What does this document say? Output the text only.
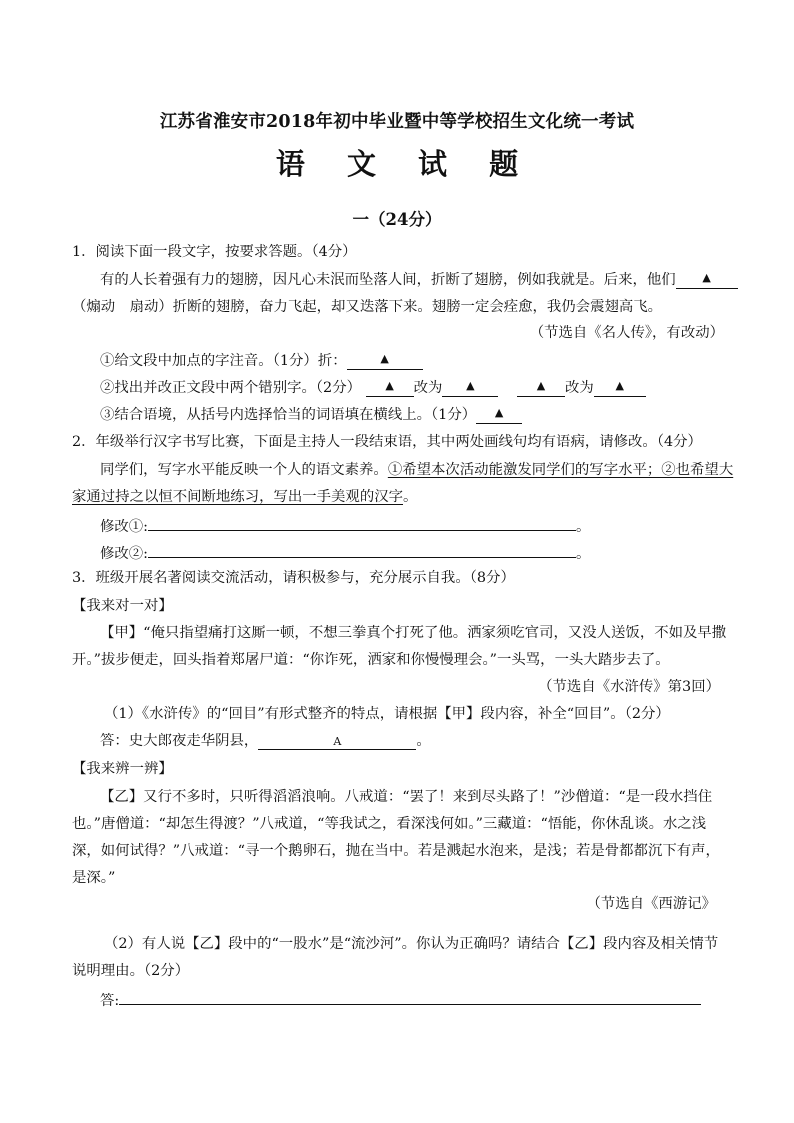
江苏省淮安市2018年初中毕业暨中等学校招生文化统一考试
语 文 试 题
一（24分）
1．阅读下面一段文字，按要求答题。（4分）
有的人长着强有力的翅膀，因凡心未泯而坠落人间，折断了翅膀，例如我就是。后来，他们 ▲
（煽动　扇动）折断的翅膀，奋力飞起，却又迭落下来。翅膀一定会痊愈，我仍会震翅高飞。
（节选自《名人传》，有改动）
①给文段中加点的字注音。（1分）折：	▲
②找出并改正文段中两个错别字。（2分） ▲ 改为 ▲	▲ 改为 ▲
③结合语境，从括号内选择恰当的词语填在横线上。（1分） ▲
2．年级举行汉字书写比赛，下面是主持人一段结束语，其中两处画线句均有语病，请修改。（4分）
同学们，写字水平能反映一个人的语文素养。①希望本次活动能激发同学们的写字水平；②也希望大
家通过持之以恒不间断地练习，写出一手美观的汉字。
修改①:	。
修改②:	。
3．班级开展名著阅读交流活动，请积极参与，充分展示自我。（8分）
【我来对一对】
【甲】“俺只指望痛打这厮一顿，不想三拳真个打死了他。洒家须吃官司，又没人送饭，不如及早撒
开。”拔步便走，回头指着郑屠尸道：“你诈死，洒家和你慢慢理会。”一头骂，一头大踏步去了。
（节选自《水浒传》第3回）
（1）《水浒传》的“回目”有形式整齐的特点，请根据【甲】段内容，补全“回目”。（2分）
答：史大郎夜走华阴县，	A	。
【我来辨一辨】
【乙】又行不多时，只听得滔滔浪响。八戒道：“罢了！来到尽头路了！”沙僧道：“是一段水挡住
也。”唐僧道：“却怎生得渡？”八戒道，“等我试之，看深浅何如。”三藏道：“悟能，你休乱谈。水之浅
深，如何试得？”八戒道：“寻一个鹅卵石，抛在当中。若是溅起水泡来，是浅；若是骨都都沉下有声，
是深。”
（节选自《西游记》
（2）有人说【乙】段中的“一股水”是“流沙河”。你认为正确吗？请结合【乙】段内容及相关情节
说明理由。（2分）
答:
